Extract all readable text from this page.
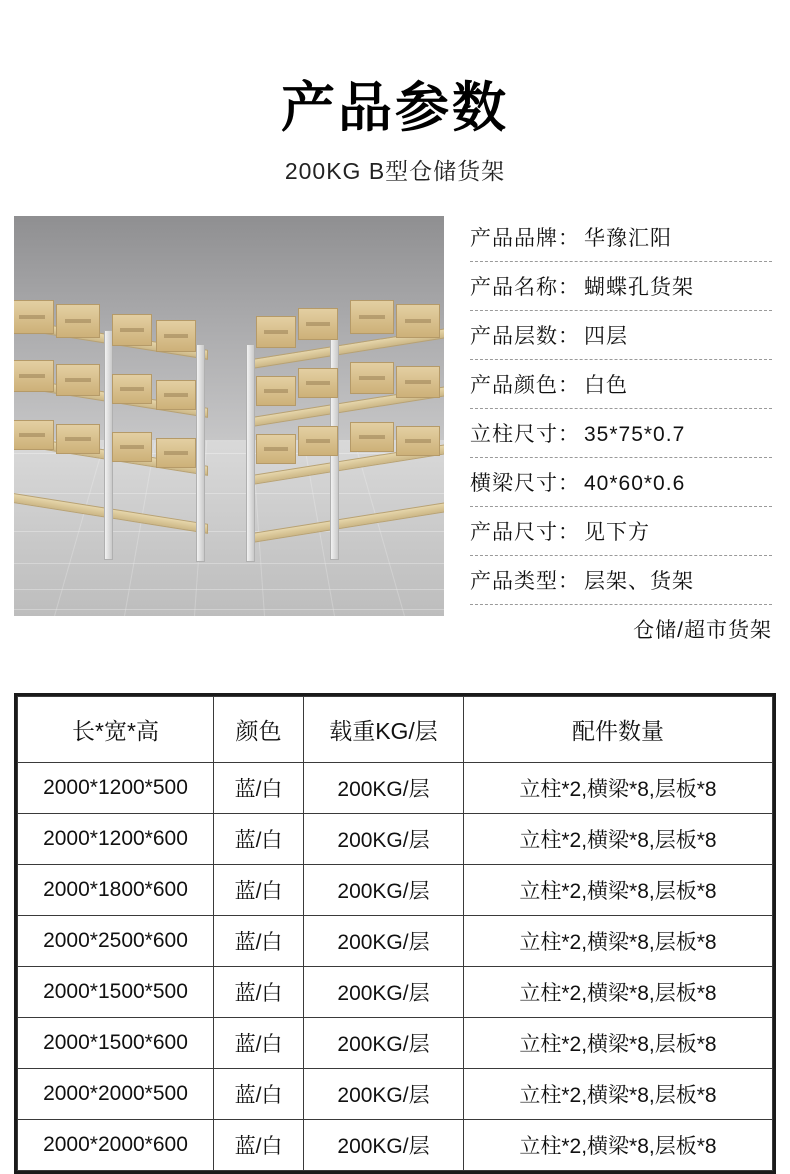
产品参数
200KG B型仓储货架
产品品牌： 华豫汇阳
产品名称： 蝴蝶孔货架
产品层数： 四层
产品颜色： 白色
立柱尺寸： 35*75*0.7
横梁尺寸： 40*60*0.6
产品尺寸： 见下方
产品类型： 层架、货架
仓储/超市货架
长*宽*高	颜色	载重KG/层	配件数量
2000*1200*500	蓝/白	200KG/层	立柱*2,横梁*8,层板*8
2000*1200*600	蓝/白	200KG/层	立柱*2,横梁*8,层板*8
2000*1800*600	蓝/白	200KG/层	立柱*2,横梁*8,层板*8
2000*2500*600	蓝/白	200KG/层	立柱*2,横梁*8,层板*8
2000*1500*500	蓝/白	200KG/层	立柱*2,横梁*8,层板*8
2000*1500*600	蓝/白	200KG/层	立柱*2,横梁*8,层板*8
2000*2000*500	蓝/白	200KG/层	立柱*2,横梁*8,层板*8
2000*2000*600	蓝/白	200KG/层	立柱*2,横梁*8,层板*8
